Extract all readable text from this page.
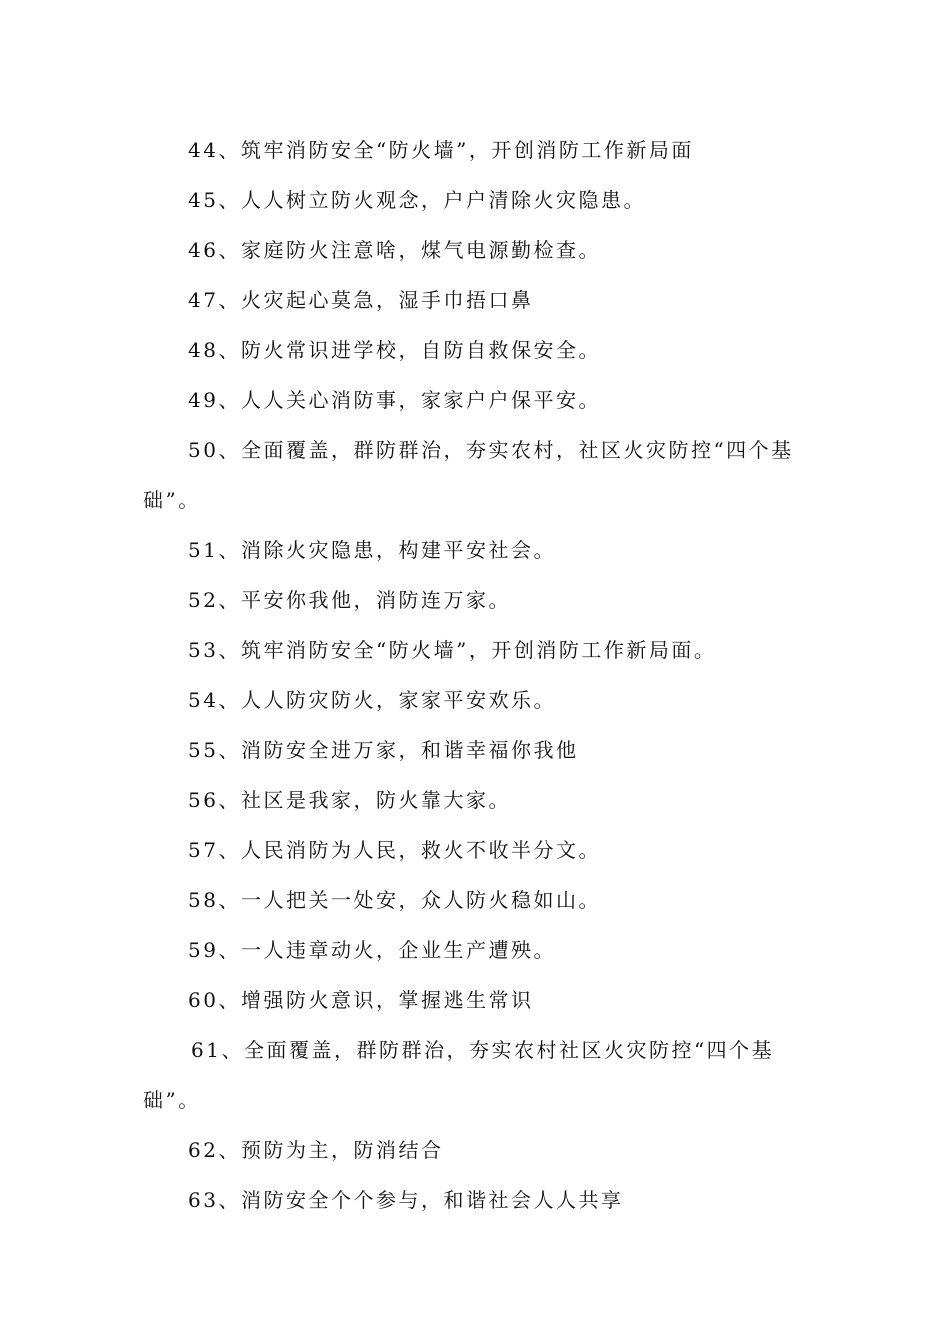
44、筑牢消防安全“防火墙”，开创消防工作新局面
45、人人树立防火观念，户户清除火灾隐患。
46、家庭防火注意啥，煤气电源勤检查。
47、火灾起心莫急，湿手巾捂口鼻
48、防火常识进学校，自防自救保安全。
49、人人关心消防事，家家户户保平安。
50、全面覆盖，群防群治，夯实农村，社区火灾防控“四个基
础”。
51、消除火灾隐患，构建平安社会。
52、平安你我他，消防连万家。
53、筑牢消防安全“防火墙”，开创消防工作新局面。
54、人人防灾防火，家家平安欢乐。
55、消防安全进万家，和谐幸福你我他
56、社区是我家，防火靠大家。
57、人民消防为人民，救火不收半分文。
58、一人把关一处安，众人防火稳如山。
59、一人违章动火，企业生产遭殃。
60、增强防火意识，掌握逃生常识
61、全面覆盖，群防群治，夯实农村社区火灾防控“四个基
础”。
62、预防为主，防消结合
63、消防安全个个参与，和谐社会人人共享
